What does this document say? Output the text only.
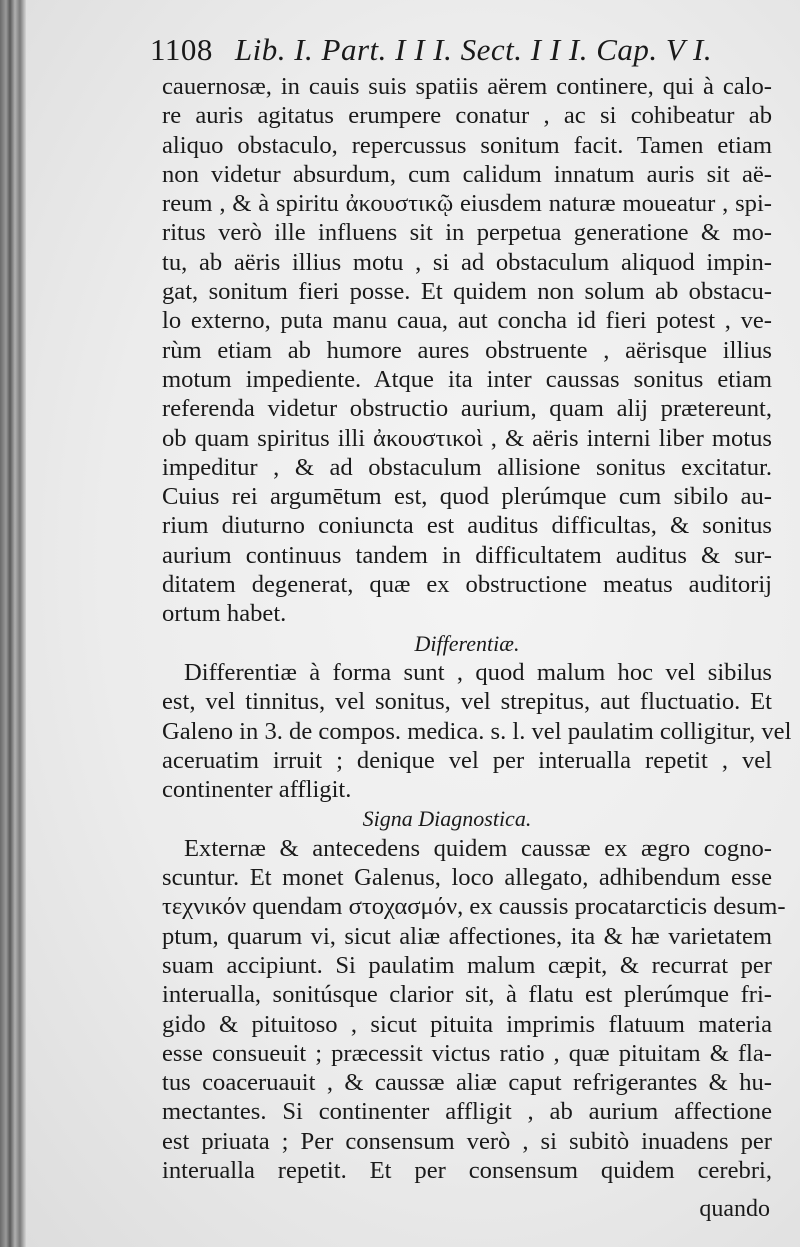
1108 Lib. I. Part. I I I. Sect. I I I. Cap. V I.
cauernosæ, in cauis suis spatiis aërem continere, qui à calo-
re auris agitatus erumpere conatur , ac si cohibeatur ab
aliquo obstaculo, repercussus sonitum facit. Tamen etiam
non videtur absurdum, cum calidum innatum auris sit aë-
reum , & à spiritu ἀκουστικῷ eiusdem naturæ moueatur , spi-
ritus verò ille influens sit in perpetua generatione & mo-
tu, ab aëris illius motu , si ad obstaculum aliquod impin-
gat, sonitum fieri posse. Et quidem non solum ab obstacu-
lo externo, puta manu caua, aut concha id fieri potest , ve-
rùm etiam ab humore aures obstruente , aërisque illius
motum impediente. Atque ita inter caussas sonitus etiam
referenda videtur obstructio aurium, quam alij prætereunt,
ob quam spiritus illi ἀκουστικοὶ , & aëris interni liber motus
impeditur , & ad obstaculum allisione sonitus excitatur.
Cuius rei argumētum est, quod plerúmque cum sibilo au-
rium diuturno coniuncta est auditus difficultas, & sonitus
aurium continuus tandem in difficultatem auditus & sur-
ditatem degenerat, quæ ex obstructione meatus auditorij
ortum habet.
Differentiæ.
Differentiæ à forma sunt , quod malum hoc vel sibilus
est, vel tinnitus, vel sonitus, vel strepitus, aut fluctuatio. Et
Galeno in 3. de compos. medica. s. l. vel paulatim colligitur, vel
aceruatim irruit ; denique vel per interualla repetit , vel
continenter affligit.
Signa Diagnostica.
Externæ & antecedens quidem caussæ ex ægro cogno-
scuntur. Et monet Galenus, loco allegato, adhibendum esse
τεχνικόν quendam στοχασμόν, ex caussis procatarcticis desum-
ptum, quarum vi, sicut aliæ affectiones, ita & hæ varietatem
suam accipiunt. Si paulatim malum cæpit, & recurrat per
interualla, sonitúsque clarior sit, à flatu est plerúmque fri-
gido & pituitoso , sicut pituita imprimis flatuum materia
esse consueuit ; præcessit victus ratio , quæ pituitam & fla-
tus coaceruauit , & caussæ aliæ caput refrigerantes & hu-
mectantes. Si continenter affligit , ab aurium affectione
est priuata ; Per consensum verò , si subitò inuadens per
interualla repetit. Et per consensum quidem cerebri,
quando
